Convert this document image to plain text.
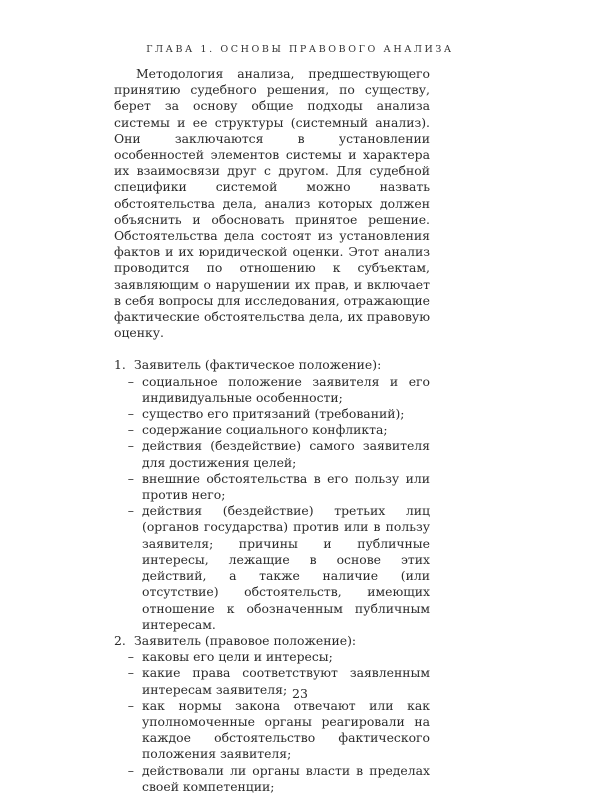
ГЛАВА 1. ОСНОВЫ ПРАВОВОГО АНАЛИЗА

Методология анализа, предшествующего принятию судебного решения, по существу, берет за основу общие подходы анализа системы и ее структуры (системный анализ). Они заключаются в установлении особенностей элементов системы и характера их взаимосвязи друг с другом. Для судебной специфики системой можно назвать обстоятельства дела, анализ которых должен объяснить и обосновать принятое решение. Обстоятельства дела состоят из установления фактов и их юридической оценки. Этот анализ проводится по отношению к субъектам, заявляющим о нарушении их прав, и включает в себя вопросы для исследования, отражающие фактические обстоятельства дела, их правовую оценку.

1. Заявитель (фактическое положение):
– социальное положение заявителя и его индивидуальные особенности;
– существо его притязаний (требований);
– содержание социального конфликта;
– действия (бездействие) самого заявителя для достижения целей;
– внешние обстоятельства в его пользу или против него;
– действия (бездействие) третьих лиц (органов государства) против или в пользу заявителя; причины и публичные интересы, лежащие в основе этих действий, а также наличие (или отсутствие) обстоятельств, имеющих отношение к обозначенным публичным интересам.
2. Заявитель (правовое положение):
– каковы его цели и интересы;
– какие права соответствуют заявленным интересам заявителя;
– как нормы закона отвечают или как уполномоченные органы реагировали на каждое обстоятельство фактического положения заявителя;
– действовали ли органы власти в пределах своей компетенции;
23
